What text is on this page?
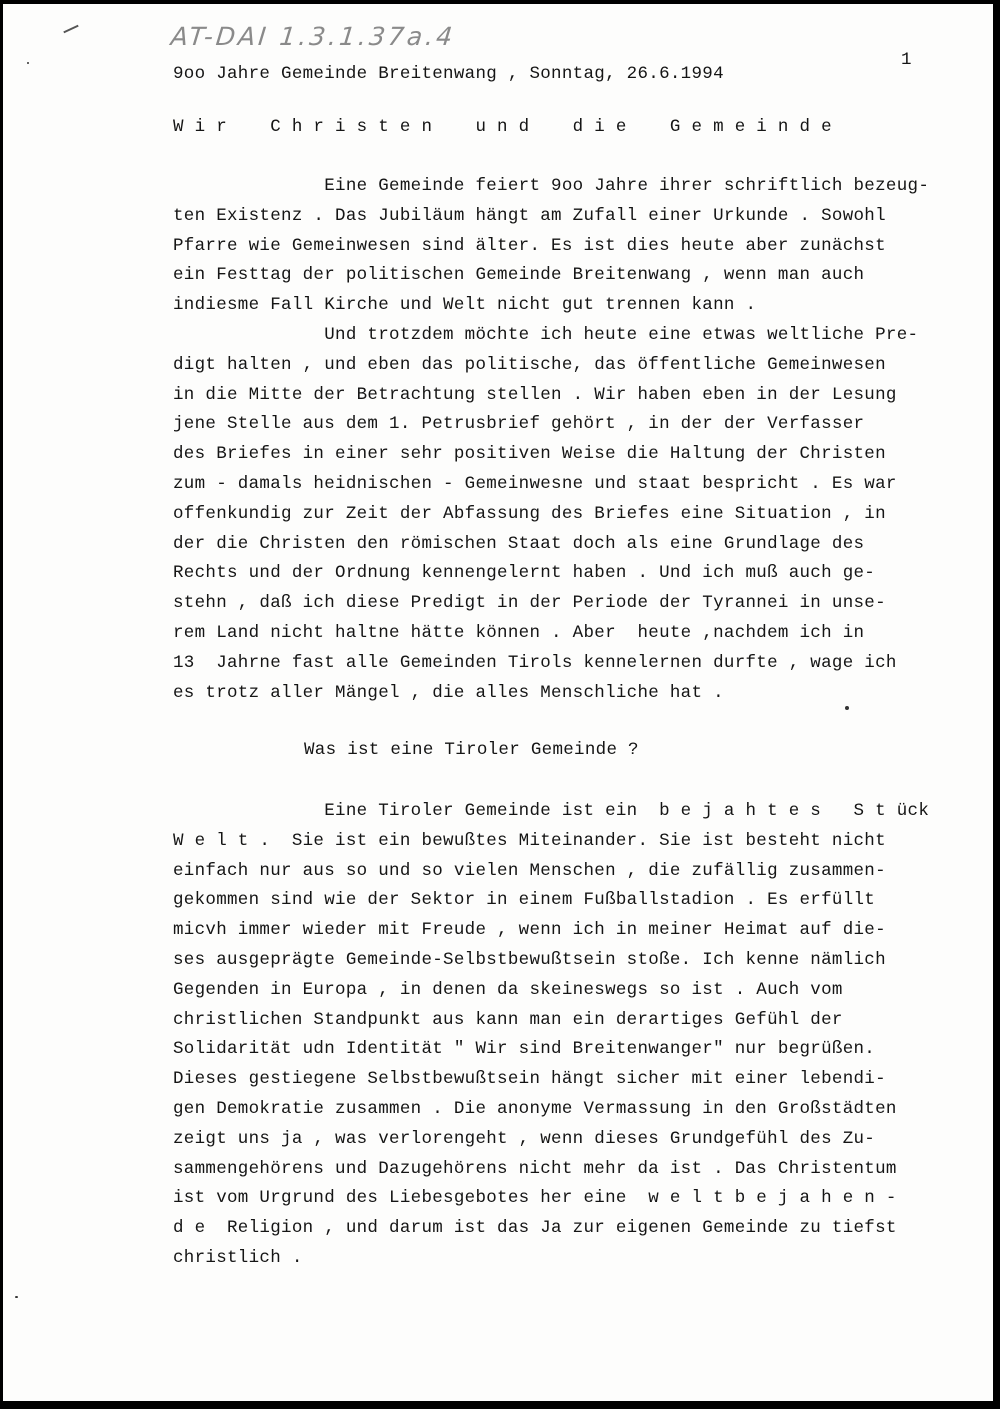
AT-DAI 1.3.1.37a.4
1
9oo Jahre Gemeinde Breitenwang , Sonntag, 26.6.1994
W i r    C h r i s t e n    u n d    d i e    G e m e i n d e
Eine Gemeinde feiert 9oo Jahre ihrer schriftlich bezeug-
ten Existenz . Das Jubiläum hängt am Zufall einer Urkunde . Sowohl
Pfarre wie Gemeinwesen sind älter. Es ist dies heute aber zunächst
ein Festtag der politischen Gemeinde Breitenwang , wenn man auch
indiesme Fall Kirche und Welt nicht gut trennen kann .
Und trotzdem möchte ich heute eine etwas weltliche Pre-
digt halten , und eben das politische, das öffentliche Gemeinwesen
in die Mitte der Betrachtung stellen . Wir haben eben in der Lesung
jene Stelle aus dem 1. Petrusbrief gehört , in der der Verfasser
des Briefes in einer sehr positiven Weise die Haltung der Christen
zum - damals heidnischen - Gemeinwesne und staat bespricht . Es war
offenkundig zur Zeit der Abfassung des Briefes eine Situation , in
der die Christen den römischen Staat doch als eine Grundlage des
Rechts und der Ordnung kennengelernt haben . Und ich muß auch ge-
stehn , daß ich diese Predigt in der Periode der Tyrannei in unse-
rem Land nicht haltne hätte können . Aber  heute ,nachdem ich in
13  Jahrne fast alle Gemeinden Tirols kennelernen durfte , wage ich
es trotz aller Mängel , die alles Menschliche hat .
Was ist eine Tiroler Gemeinde ?
Eine Tiroler Gemeinde ist ein  b e j a h t e s   S t ück
W e l t .  Sie ist ein bewußtes Miteinander. Sie ist besteht nicht
einfach nur aus so und so vielen Menschen , die zufällig zusammen-
gekommen sind wie der Sektor in einem Fußballstadion . Es erfüllt
micvh immer wieder mit Freude , wenn ich in meiner Heimat auf die-
ses ausgeprägte Gemeinde-Selbstbewußtsein stoße. Ich kenne nämlich
Gegenden in Europa , in denen da skeineswegs so ist . Auch vom
christlichen Standpunkt aus kann man ein derartiges Gefühl der
Solidarität udn Identität " Wir sind Breitenwanger" nur begrüßen.
Dieses gestiegene Selbstbewußtsein hängt sicher mit einer lebendi-
gen Demokratie zusammen . Die anonyme Vermassung in den Großstädten
zeigt uns ja , was verlorengeht , wenn dieses Grundgefühl des Zu-
sammengehörens und Dazugehörens nicht mehr da ist . Das Christentum
ist vom Urgrund des Liebesgebotes her eine  w e l t b e j a h e n -
d e  Religion , und darum ist das Ja zur eigenen Gemeinde zu tiefst
christlich .
